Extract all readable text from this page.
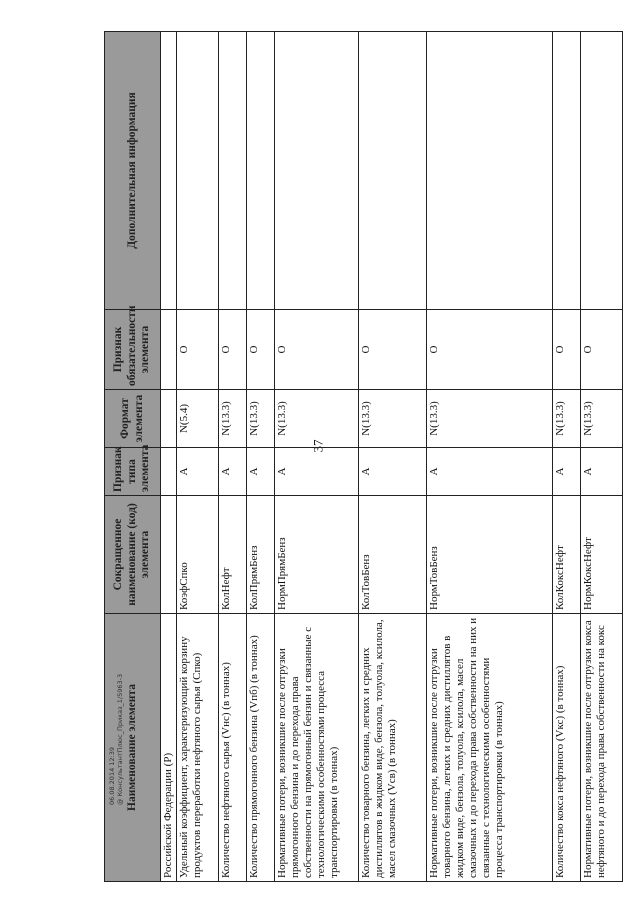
37
Наименование элемента	Сокращенное наименование (код) элемента	Признак типа элемента	Формат элемента	Признак обязательности элемента	Дополнительная информация
Российской Федерации (Р)					
Удельный коэффициент, характеризующий корзину продуктов переработки нефтяного сырья (Спко)	КоэфСпко	А	N(5.4)	О	
Количество нефтяного сырья (Vнс) (в тоннах)	КолНефт	А	N(13.3)	О	
Количество прямогонного бензина (Vпб) (в тоннах)	КолПрямБенз	А	N(13.3)	О	
Нормативные потери, возникшие после отгрузки прямогонного бензина и до перехода права собственности на прямогонный бензин и связанные с технологическими особенностями процесса транспортировки (в тоннах)	НормПрямБенз	А	N(13.3)	О	
Количество товарного бензина, легких и средних дистиллятов в жидком виде, бензола, толуола, ксилола, масел смазочных (Vсв) (в тоннах)	КолТовБенз	А	N(13.3)	О	
Нормативные потери, возникшие после отгрузки товарного бензина, легких и средних дистиллятов в жидком виде, бензола, толуола, ксилола, масел смазочных и до перехода права собственности на них и связанные с технологическими особенностями процесса транспортировки (в тоннах)	НормТовБенз	А	N(13.3)	О	
Количество кокса нефтяного (Vкс) (в тоннах)	КолКоксНефт	А	N(13.3)	О	
Нормативные потери, возникшие после отгрузки кокса нефтяного и до перехода права собственности на кокс	НормКоксНефт	А	N(13.3)	О	
06.08.2014 12:39 @ КонсультантПлюс_Приказ_1/5963-3
